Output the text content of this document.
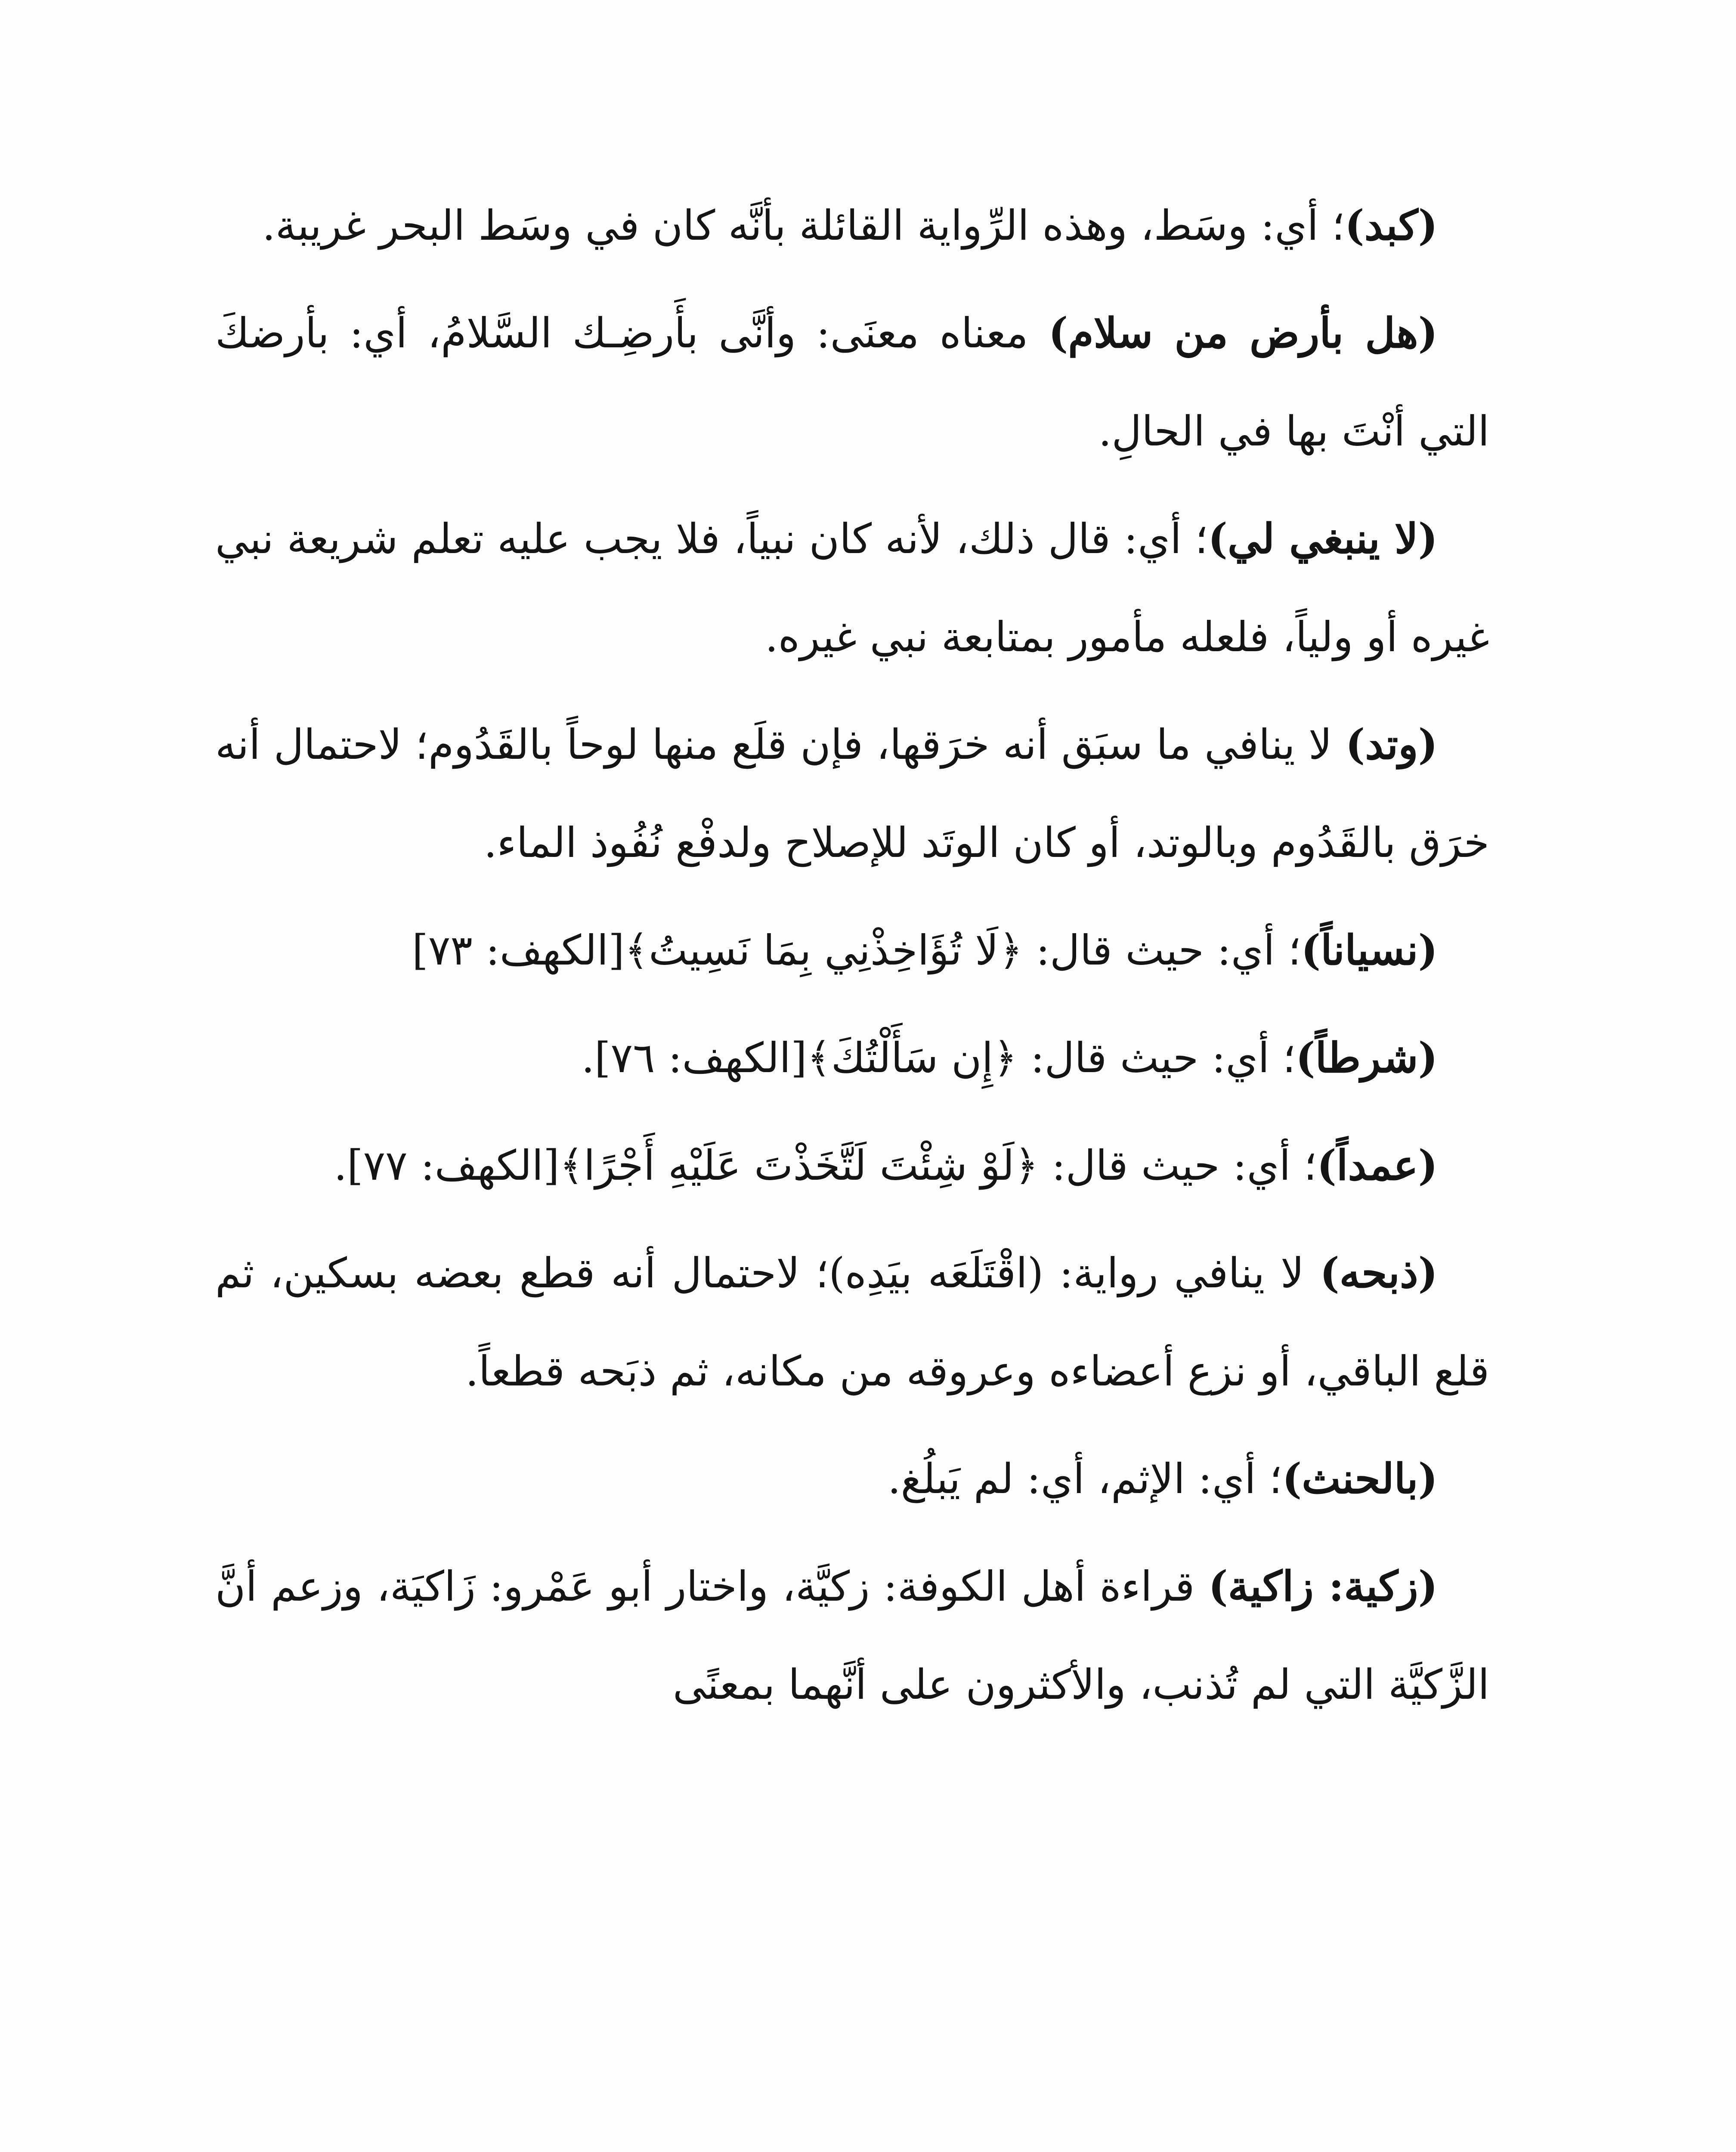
(كبد)؛ أي: وسَط، وهذه الرِّواية القائلة بأنَّه كان في وسَط البحر غريبة.

(هل بأرض من سلام) معناه معنَى: وأنَّى بأَرضِـك السَّلامُ، أي: بأرضكَ التي أنْتَ بها في الحالِ.

(لا ينبغي لي)؛ أي: قال ذلك، لأنه كان نبياً، فلا يجب عليه تعلم شريعة نبي غيره أو ولياً، فلعله مأمور بمتابعة نبي غيره.

(وتد) لا ينافي ما سبَق أنه خرَقها، فإن قلَع منها لوحاً بالقَدُوم؛ لاحتمال أنه خرَق بالقَدُوم وبالوتد، أو كان الوتَد للإصلاح ولدفْع نُفُوذ الماء.

(نسياناً)؛ أي: حيث قال: ﴿لَا تُؤَاخِذْنِي بِمَا نَسِيتُ﴾[الكهف: ٧٣]

(شرطاً)؛ أي: حيث قال: ﴿إِن سَأَلْتُكَ﴾[الكهف: ٧٦].

(عمداً)؛ أي: حيث قال: ﴿لَوْ شِئْتَ لَتَّخَذْتَ عَلَيْهِ أَجْرًا﴾[الكهف: ٧٧].

(ذبحه) لا ينافي رواية: (اقْتَلَعَه بيَدِه)؛ لاحتمال أنه قطع بعضه بسكين، ثم قلع الباقي، أو نزع أعضاءه وعروقه من مكانه، ثم ذبَحه قطعاً.

(بالحنث)؛ أي: الإثم، أي: لم يَبلُغ.

(زكية: زاكية) قراءة أهل الكوفة: زكيَّة، واختار أبو عَمْرو: زَاكيَة، وزعم أنَّ الزَّكيَّة التي لم تُذنب، والأكثرون على أنَّهما بمعنًى
